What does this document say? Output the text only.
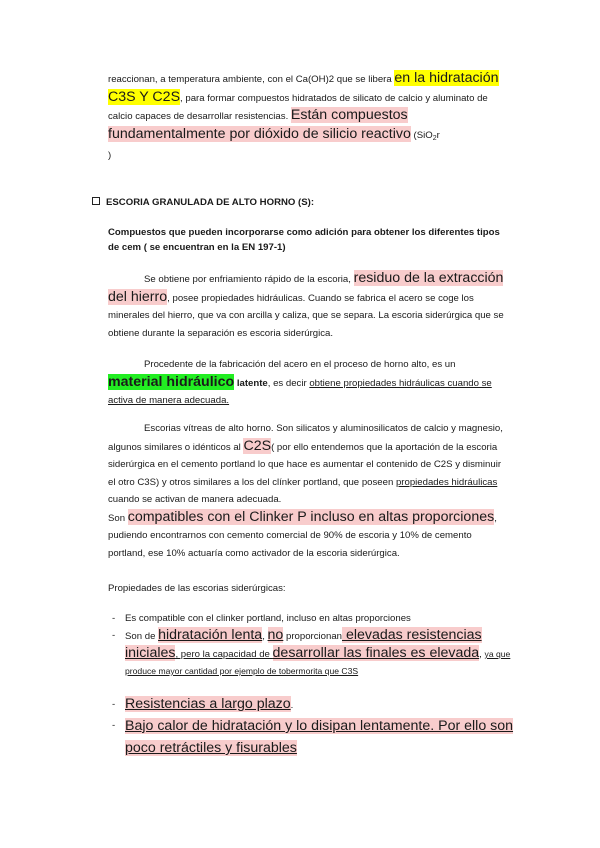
reaccionan, a temperatura ambiente, con el Ca(OH)2 que se libera en la hidratación C3S Y C2S, para formar compuestos hidratados de silicato de calcio y aluminato de calcio capaces de desarrollar resistencias. Están compuestos fundamentalmente por dióxido de silicio reactivo (SiO$_2$r
)
ESCORIA GRANULADA DE ALTO HORNO (S):
Compuestos que pueden incorporarse como adición para obtener los diferentes tipos de cem ( se encuentran en la EN 197-1)
Se obtiene por enfriamiento rápido de la escoria, residuo de la extracción del hierro, posee propiedades hidráulicas. Cuando se fabrica el acero se coge los minerales del hierro, que va con arcilla y caliza, que se separa. La escoria siderúrgica que se obtiene durante la separación es escoria siderúrgica.
Procedente de la fabricación del acero en el proceso de horno alto, es un material hidráulico latente, es decir obtiene propiedades hidráulicas cuando se activa de manera adecuada.
Escorias vítreas de alto horno. Son silicatos y aluminosilicatos de calcio y magnesio, algunos similares o idénticos al C2S( por ello entendemos que la aportación de la escoria siderúrgica en el cemento portland lo que hace es aumentar el contenido de C2S y disminuir el otro C3S) y otros similares a los del clínker portland, que poseen propiedades hidráulicas cuando se activan de manera adecuada.
Son compatibles con el Clinker P incluso en altas proporciones, pudiendo encontrarnos con cemento comercial de 90% de escoria y 10% de cemento portland, ese 10% actuaría como activador de la escoria siderúrgica.
Propiedades de las escorias siderúrgicas:
- Es compatible con el clinker portland, incluso en altas proporciones
- Son de hidratación lenta, no proporcionan elevadas resistencias iniciales, pero la capacidad de desarrollar las finales es elevada, ya que produce mayor cantidad por ejemplo de tobermorita que C3S
- Resistencias a largo plazo.
- Bajo calor de hidratación y lo disipan lentamente. Por ello son poco retráctiles y fisurables
